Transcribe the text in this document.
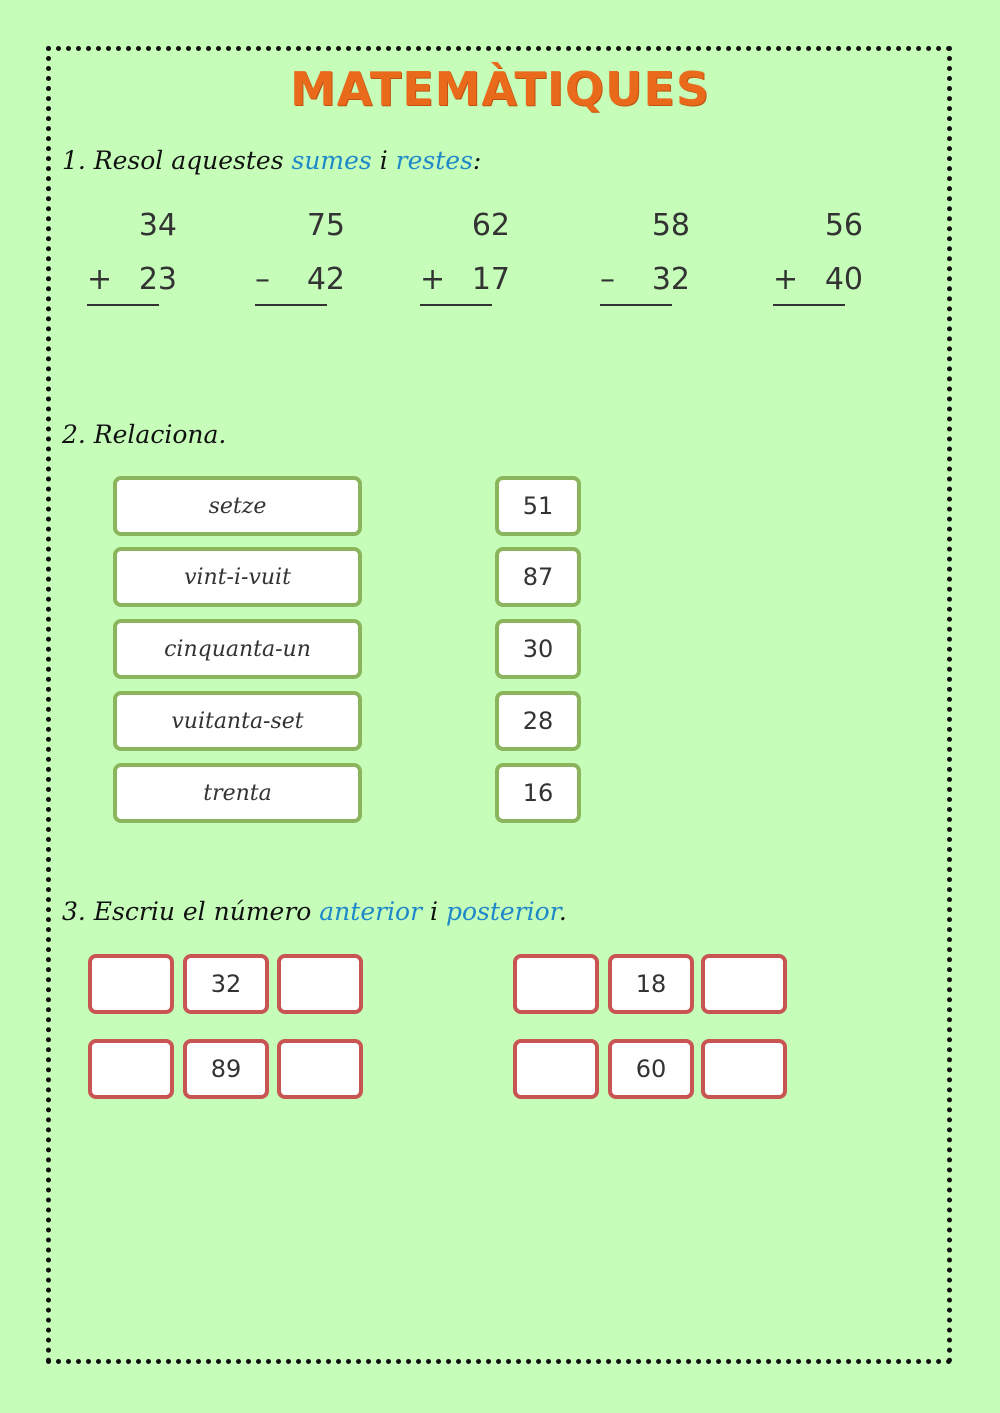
MATEMÀTIQUES
1. Resol aquestes sumes i restes:
34
+ 23
75
– 42
62
+ 17
58
– 32
56
+ 40
2. Relaciona.
setze
vint-i-vuit
cinquanta-un
vuitanta-set
trenta
51
87
30
28
16
3. Escriu el número anterior i posterior.
32	18
89	60
